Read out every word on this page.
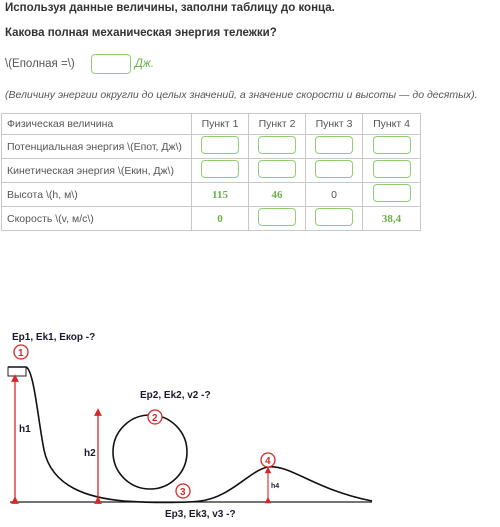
Используя данные величины, заполни таблицу до конца.
Какова полная механическая энергия тележки?
\(Еполная =\)	Дж.
(Величину энергии округли до целых значений, а значение скорости и высоты — до десятых).
Физическая величина	Пункт 1	Пункт 2	Пункт 3	Пункт 4
Потенциальная энергия \(Епот, Дж\)				
Кинетическая энергия \(Екин, Дж\)				
Высота \(h, м\)	115	46	0	
Скорость \(v, м/с\)	0			38,4
h1
h2
h4
1
2
3
4
Ep1, Ek1, Eкор -?
Ep2, Ek2, v2 -?
Ep3, Ek3, v3 -?
